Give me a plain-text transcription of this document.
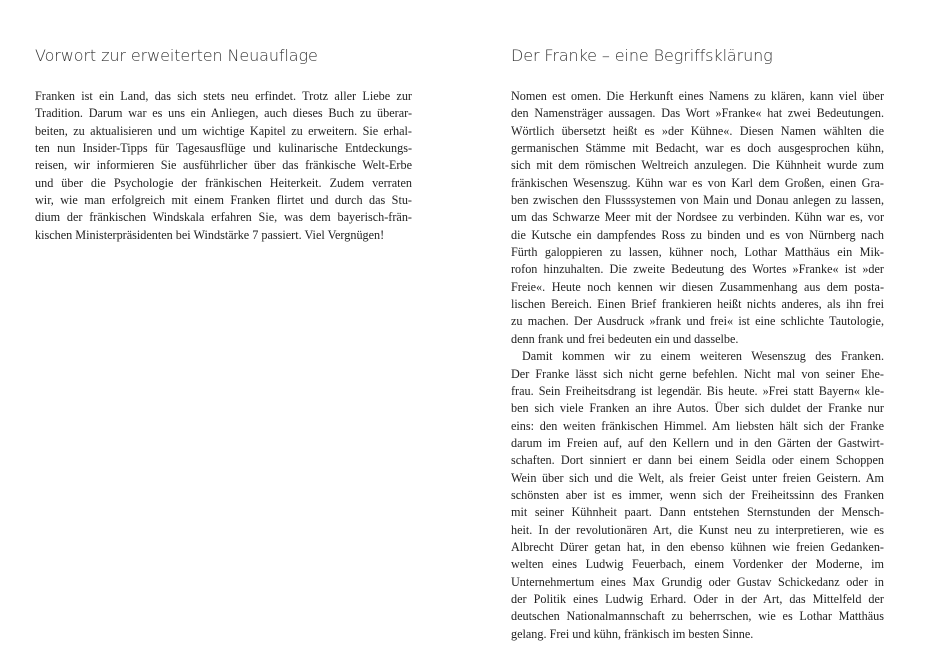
Vorwort zur erweiterten Neuauflage
Franken ist ein Land, das sich stets neu erfindet. Trotz aller Liebe zur
Tradition. Darum war es uns ein Anliegen, auch dieses Buch zu überar-
beiten, zu aktualisieren und um wichtige Kapitel zu erweitern. Sie erhal-
ten nun Insider-Tipps für Tagesausflüge und kulinarische Entdeckungs-
reisen, wir informieren Sie ausführlicher über das fränkische Welt-Erbe
und über die Psychologie der fränkischen Heiterkeit. Zudem verraten
wir, wie man erfolgreich mit einem Franken flirtet und durch das Stu-
dium der fränkischen Windskala erfahren Sie, was dem bayerisch-frän-
kischen Ministerpräsidenten bei Windstärke 7 passiert. Viel Vergnügen!
Der Franke – eine Begriffsklärung
Nomen est omen. Die Herkunft eines Namens zu klären, kann viel über
den Namensträger aussagen. Das Wort »Franke« hat zwei Bedeutungen.
Wörtlich übersetzt heißt es »der Kühne«. Diesen Namen wählten die
germanischen Stämme mit Bedacht, war es doch ausgesprochen kühn,
sich mit dem römischen Weltreich anzulegen. Die Kühnheit wurde zum
fränkischen Wesenszug. Kühn war es von Karl dem Großen, einen Gra-
ben zwischen den Flusssystemen von Main und Donau anlegen zu lassen,
um das Schwarze Meer mit der Nordsee zu verbinden. Kühn war es, vor
die Kutsche ein dampfendes Ross zu binden und es von Nürnberg nach
Fürth galoppieren zu lassen, kühner noch, Lothar Matthäus ein Mik-
rofon hinzuhalten. Die zweite Bedeutung des Wortes »Franke« ist »der
Freie«. Heute noch kennen wir diesen Zusammenhang aus dem posta-
lischen Bereich. Einen Brief frankieren heißt nichts anderes, als ihn frei
zu machen. Der Ausdruck »frank und frei« ist eine schlichte Tautologie,
denn frank und frei bedeuten ein und dasselbe.
Damit kommen wir zu einem weiteren Wesenszug des Franken.
Der Franke lässt sich nicht gerne befehlen. Nicht mal von seiner Ehe-
frau. Sein Freiheitsdrang ist legendär. Bis heute. »Frei statt Bayern« kle-
ben sich viele Franken an ihre Autos. Über sich duldet der Franke nur
eins: den weiten fränkischen Himmel. Am liebsten hält sich der Franke
darum im Freien auf, auf den Kellern und in den Gärten der Gastwirt-
schaften. Dort sinniert er dann bei einem Seidla oder einem Schoppen
Wein über sich und die Welt, als freier Geist unter freien Geistern. Am
schönsten aber ist es immer, wenn sich der Freiheitssinn des Franken
mit seiner Kühnheit paart. Dann entstehen Sternstunden der Mensch-
heit. In der revolutionären Art, die Kunst neu zu interpretieren, wie es
Albrecht Dürer getan hat, in den ebenso kühnen wie freien Gedanken-
welten eines Ludwig Feuerbach, einem Vordenker der Moderne, im
Unternehmertum eines Max Grundig oder Gustav Schickedanz oder in
der Politik eines Ludwig Erhard. Oder in der Art, das Mittelfeld der
deutschen Nationalmannschaft zu beherrschen, wie es Lothar Matthäus
gelang. Frei und kühn, fränkisch im besten Sinne.
